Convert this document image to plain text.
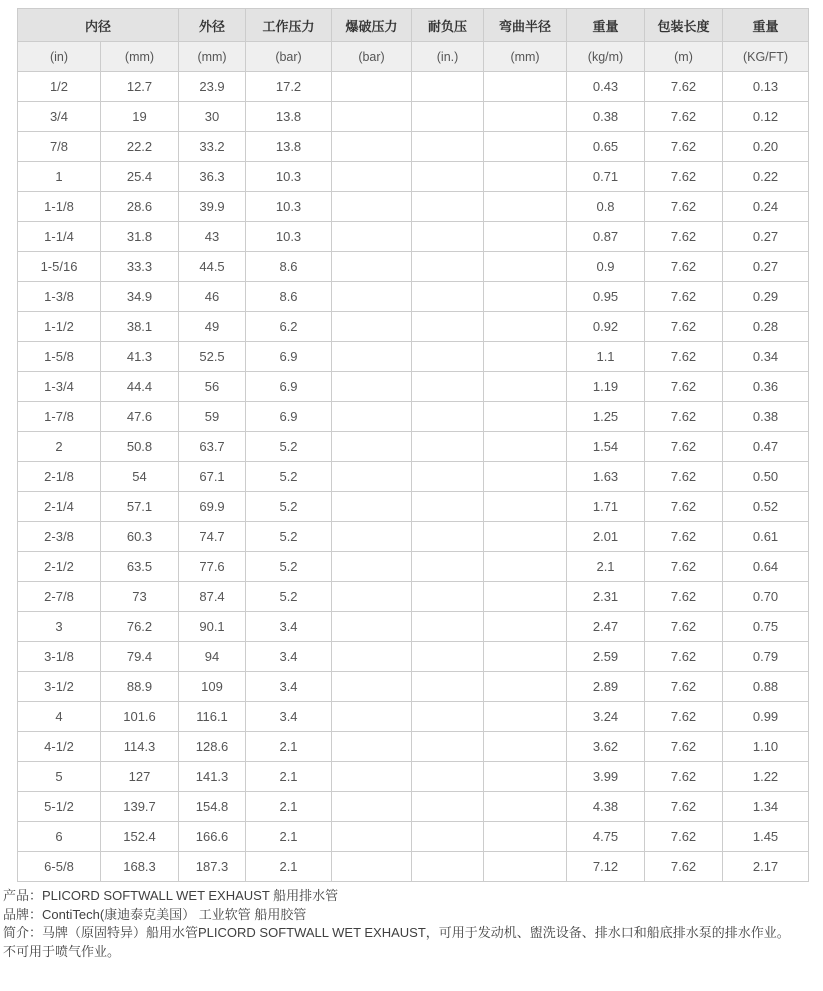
内径		外径	工作压力	爆破压力	耐负压	弯曲半径	重量	包装长度	重量
(in)	(mm)	(mm)	(bar)	(bar)	(in.)	(mm)	(kg/m)	(m)	(KG/FT)
1/2	12.7	23.9	17.2				0.43	7.62	0.13
3/4	19	30	13.8				0.38	7.62	0.12
7/8	22.2	33.2	13.8				0.65	7.62	0.20
1	25.4	36.3	10.3				0.71	7.62	0.22
1-1/8	28.6	39.9	10.3				0.8	7.62	0.24
1-1/4	31.8	43	10.3				0.87	7.62	0.27
1-5/16	33.3	44.5	8.6				0.9	7.62	0.27
1-3/8	34.9	46	8.6				0.95	7.62	0.29
1-1/2	38.1	49	6.2				0.92	7.62	0.28
1-5/8	41.3	52.5	6.9				1.1	7.62	0.34
1-3/4	44.4	56	6.9				1.19	7.62	0.36
1-7/8	47.6	59	6.9				1.25	7.62	0.38
2	50.8	63.7	5.2				1.54	7.62	0.47
2-1/8	54	67.1	5.2				1.63	7.62	0.50
2-1/4	57.1	69.9	5.2				1.71	7.62	0.52
2-3/8	60.3	74.7	5.2				2.01	7.62	0.61
2-1/2	63.5	77.6	5.2				2.1	7.62	0.64
2-7/8	73	87.4	5.2				2.31	7.62	0.70
3	76.2	90.1	3.4				2.47	7.62	0.75
3-1/8	79.4	94	3.4				2.59	7.62	0.79
3-1/2	88.9	109	3.4				2.89	7.62	0.88
4	101.6	116.1	3.4				3.24	7.62	0.99
4-1/2	114.3	128.6	2.1				3.62	7.62	1.10
5	127	141.3	2.1				3.99	7.62	1.22
5-1/2	139.7	154.8	2.1				4.38	7.62	1.34
6	152.4	166.6	2.1				4.75	7.62	1.45
6-5/8	168.3	187.3	2.1				7.12	7.62	2.17

产品：PLICORD SOFTWALL WET EXHAUST 船用排水管

品牌：ContiTech(康迪泰克美国） 工业软管 船用胶管

简介：马牌（原固特异）船用水管PLICORD SOFTWALL WET EXHAUST，可用于发动机、盥洗设备、排水口和船底排水泵的排水作业。

不可用于喷气作业。
